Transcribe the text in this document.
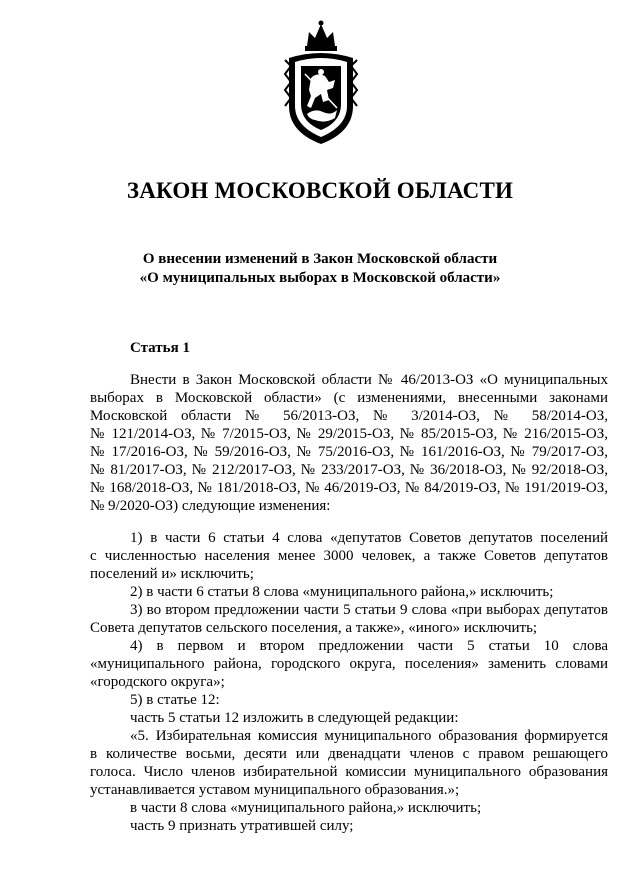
ЗАКОН МОСКОВСКОЙ ОБЛАСТИ
О внесении изменений в Закон Московской области
«О муниципальных выборах в Московской области»
Статья 1
Внести в Закон Московской области № 46/2013-ОЗ «О муниципальных
выборах в Московской области» (с изменениями, внесенными законами
Московской области № 56/2013-ОЗ, № 3/2014-ОЗ, № 58/2014-ОЗ,
№ 121/2014-ОЗ, № 7/2015-ОЗ, № 29/2015-ОЗ, № 85/2015-ОЗ, № 216/2015-ОЗ,
№ 17/2016-ОЗ, № 59/2016-ОЗ, № 75/2016-ОЗ, № 161/2016-ОЗ, № 79/2017-ОЗ,
№ 81/2017-ОЗ, № 212/2017-ОЗ, № 233/2017-ОЗ, № 36/2018-ОЗ, № 92/2018-ОЗ,
№ 168/2018-ОЗ, № 181/2018-ОЗ, № 46/2019-ОЗ, № 84/2019-ОЗ, № 191/2019-ОЗ,
№ 9/2020-ОЗ) следующие изменения:
1) в части 6 статьи 4 слова «депутатов Советов депутатов поселений
с численностью населения менее 3000 человек, а также Советов депутатов
поселений и» исключить;
2) в части 6 статьи 8 слова «муниципального района,» исключить;
3) во втором предложении части 5 статьи 9 слова «при выборах депутатов
Совета депутатов сельского поселения, а также», «иного» исключить;
4) в первом и втором предложении части 5 статьи 10 слова
«муниципального района, городского округа, поселения» заменить словами
«городского округа»;
5) в статье 12:
часть 5 статьи 12 изложить в следующей редакции:
«5. Избирательная комиссия муниципального образования формируется
в количестве восьми, десяти или двенадцати членов с правом решающего
голоса. Число членов избирательной комиссии муниципального образования
устанавливается уставом муниципального образования.»;
в части 8 слова «муниципального района,» исключить;
часть 9 признать утратившей силу;
